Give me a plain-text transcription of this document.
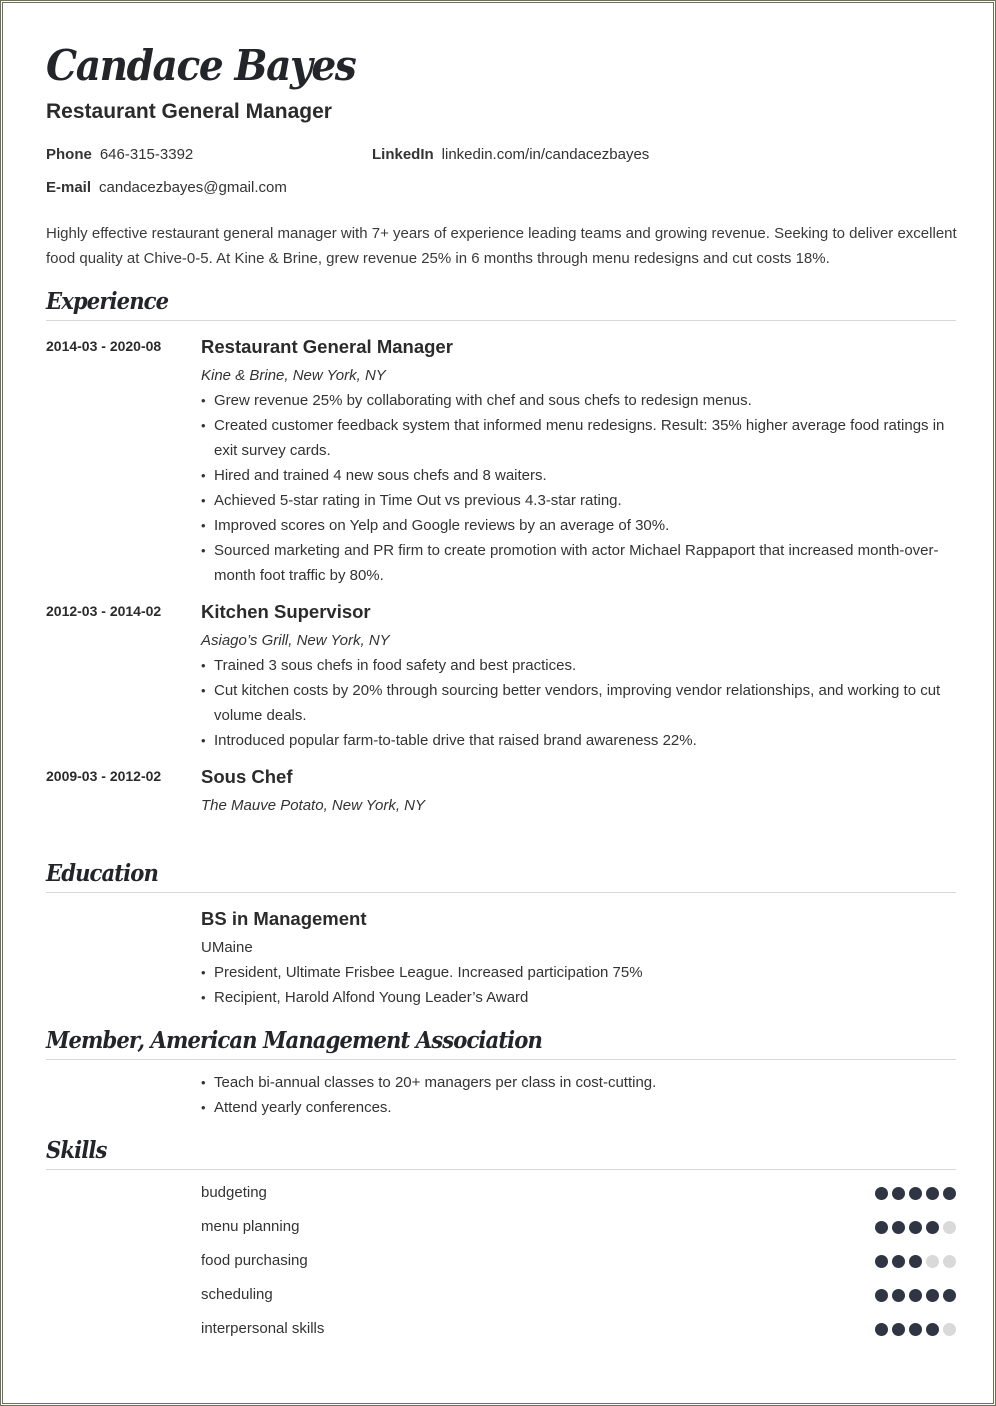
Candace Bayes
Restaurant General Manager
Phone 646-315-3392	LinkedIn linkedin.com/in/candacezbayes
E-mail candacezbayes@gmail.com

Highly effective restaurant general manager with 7+ years of experience leading teams and growing revenue. Seeking to deliver excellent food quality at Chive-0-5. At Kine & Brine, grew revenue 25% in 6 months through menu redesigns and cut costs 18%.

Experience
2014-03 - 2020-08 Restaurant General Manager
Kine & Brine, New York, NY
• Grew revenue 25% by collaborating with chef and sous chefs to redesign menus.
• Created customer feedback system that informed menu redesigns. Result: 35% higher average food ratings in exit survey cards.
• Hired and trained 4 new sous chefs and 8 waiters.
• Achieved 5-star rating in Time Out vs previous 4.3-star rating.
• Improved scores on Yelp and Google reviews by an average of 30%.
• Sourced marketing and PR firm to create promotion with actor Michael Rappaport that increased month-over-month foot traffic by 80%.
2012-03 - 2014-02 Kitchen Supervisor
Asiago’s Grill, New York, NY
• Trained 3 sous chefs in food safety and best practices.
• Cut kitchen costs by 20% through sourcing better vendors, improving vendor relationships, and working to cut volume deals.
• Introduced popular farm-to-table drive that raised brand awareness 22%.
2009-03 - 2012-02 Sous Chef
The Mauve Potato, New York, NY
Education
BS in Management
UMaine
• President, Ultimate Frisbee League. Increased participation 75%
• Recipient, Harold Alfond Young Leader’s Award
Member, American Management Association
• Teach bi-annual classes to 20+ managers per class in cost-cutting.
• Attend yearly conferences.
Skills
budgeting
menu planning
food purchasing
scheduling
interpersonal skills
